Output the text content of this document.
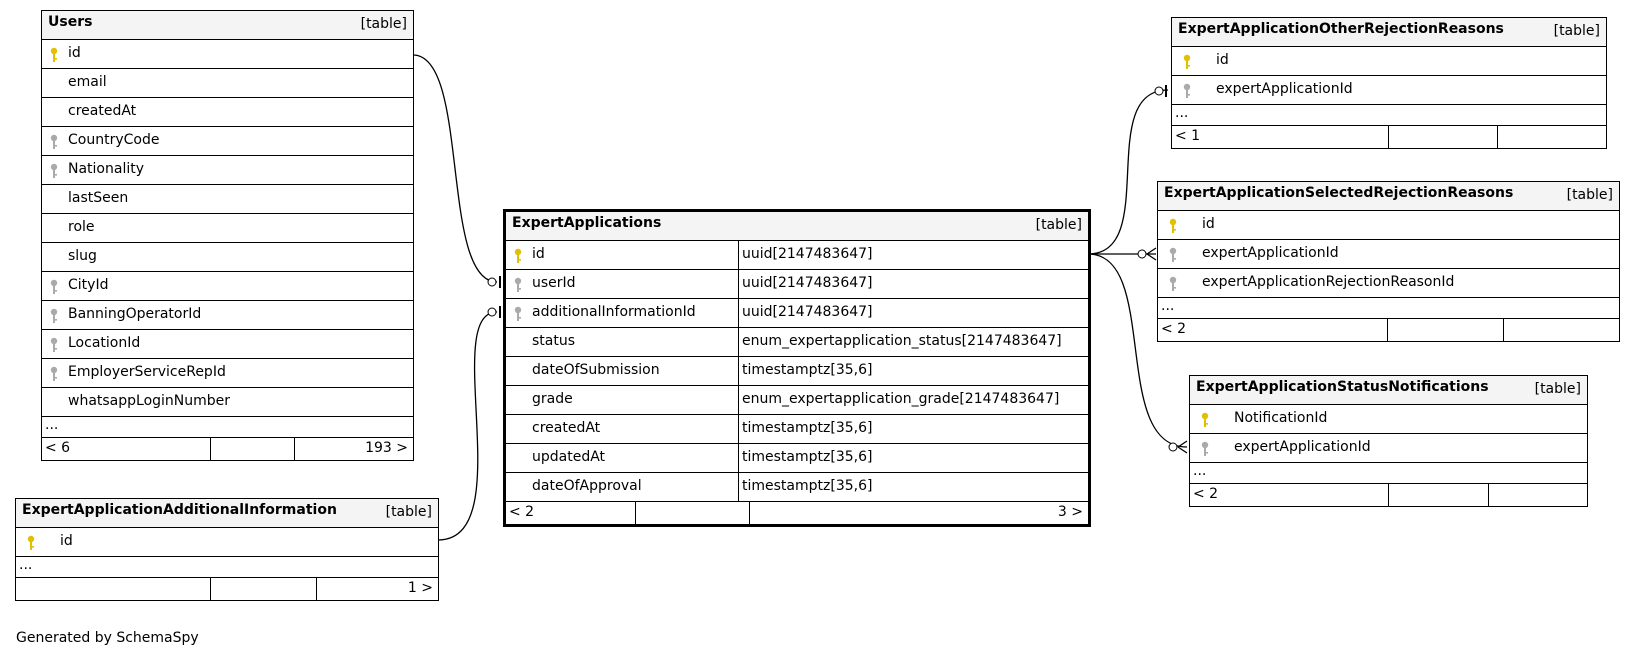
Users	[table]
id
email
createdAt
CountryCode
Nationality
lastSeen
role
slug
CityId
BanningOperatorId
LocationId
EmployerServiceRepId
whatsappLoginNumber
...
< 6	193 >
ExpertApplicationAdditionalInformation	[table]
id
...
1 >
ExpertApplications	[table]
id	uuid[2147483647]
userId	uuid[2147483647]
additionalInformationId	uuid[2147483647]
status	enum_expertapplication_status[2147483647]
dateOfSubmission	timestamptz[35,6]
grade	enum_expertapplication_grade[2147483647]
createdAt	timestamptz[35,6]
updatedAt	timestamptz[35,6]
dateOfApproval	timestamptz[35,6]
< 2	3 >
ExpertApplicationOtherRejectionReasons	[table]
id
expertApplicationId
...
< 1
ExpertApplicationSelectedRejectionReasons	[table]
id
expertApplicationId
expertApplicationRejectionReasonId
...
< 2
ExpertApplicationStatusNotifications	[table]
NotificationId
expertApplicationId
...
< 2
Generated by SchemaSpy
